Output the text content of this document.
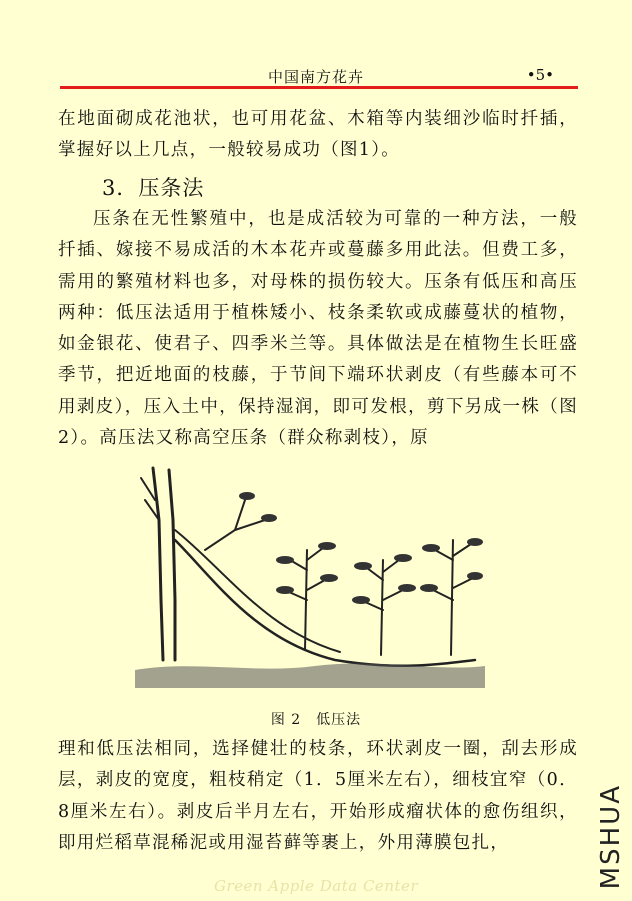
中国南方花卉	•5•

在地面砌成花池状，也可用花盆、木箱等内装细沙临时扦插，掌握好以上几点，一般较易成功（图1）。

3．压条法

压条在无性繁殖中，也是成活较为可靠的一种方法，一般扦插、嫁接不易成活的木本花卉或蔓藤多用此法。但费工多，需用的繁殖材料也多，对母株的损伤较大。压条有低压和高压两种：低压法适用于植株矮小、枝条柔软或成藤蔓状的植物，如金银花、使君子、四季米兰等。具体做法是在植物生长旺盛季节，把近地面的枝藤，于节间下端环状剥皮（有些藤本可不用剥皮），压入土中，保持湿润，即可发根，剪下另成一株（图2）。高压法又称高空压条（群众称剥枝），原

图 2　低压法

理和低压法相同，选择健壮的枝条，环状剥皮一圈，刮去形成层，剥皮的宽度，粗枝稍定（1．5厘米左右），细枝宜窄（0．8厘米左右）。剥皮后半月左右，开始形成瘤状体的愈伤组织，即用烂稻草混稀泥或用湿苔藓等裹上，外用薄膜包扎，

Green Apple Data Center	MSHUA
